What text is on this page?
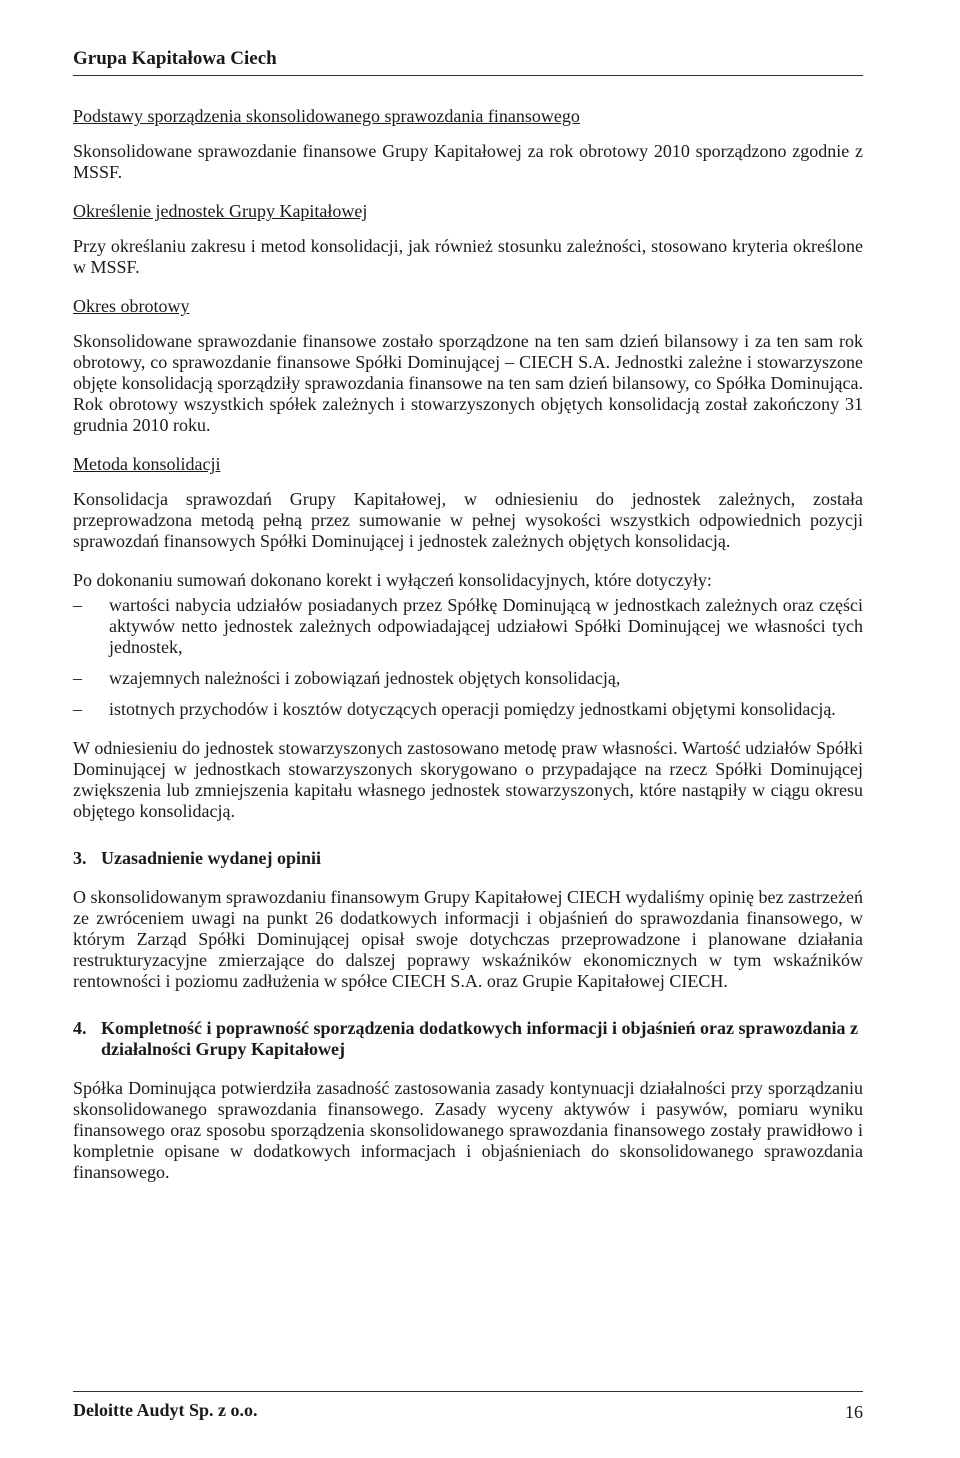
Grupa Kapitałowa Ciech
Podstawy sporządzenia skonsolidowanego sprawozdania finansowego

Skonsolidowane sprawozdanie finansowe Grupy Kapitałowej za rok obrotowy 2010 sporządzono zgodnie z MSSF.

Określenie jednostek Grupy Kapitałowej

Przy określaniu zakresu i metod konsolidacji, jak również stosunku zależności, stosowano kryteria określone w MSSF.

Okres obrotowy

Skonsolidowane sprawozdanie finansowe zostało sporządzone na ten sam dzień bilansowy i za ten sam rok obrotowy, co sprawozdanie finansowe Spółki Dominującej – CIECH S.A. Jednostki zależne i stowarzyszone objęte konsolidacją sporządziły sprawozdania finansowe na ten sam dzień bilansowy, co Spółka Dominująca. Rok obrotowy wszystkich spółek zależnych i stowarzyszonych objętych konsolidacją został zakończony 31 grudnia 2010 roku.

Metoda konsolidacji

Konsolidacja sprawozdań Grupy Kapitałowej, w odniesieniu do jednostek zależnych, została przeprowadzona metodą pełną przez sumowanie w pełnej wysokości wszystkich odpowiednich pozycji sprawozdań finansowych Spółki Dominującej i jednostek zależnych objętych konsolidacją.

Po dokonaniu sumowań dokonano korekt i wyłączeń konsolidacyjnych, które dotyczyły:

–	wartości nabycia udziałów posiadanych przez Spółkę Dominującą w jednostkach zależnych oraz części aktywów netto jednostek zależnych odpowiadającej udziałowi Spółki Dominującej we własności tych jednostek,
–	wzajemnych należności i zobowiązań jednostek objętych konsolidacją,
–	istotnych przychodów i kosztów dotyczących operacji pomiędzy jednostkami objętymi konsolidacją.

W odniesieniu do jednostek stowarzyszonych zastosowano metodę praw własności. Wartość udziałów Spółki Dominującej w jednostkach stowarzyszonych skorygowano o przypadające na rzecz Spółki Dominującej zwiększenia lub zmniejszenia kapitału własnego jednostek stowarzyszonych, które nastąpiły w ciągu okresu objętego konsolidacją.

3. Uzasadnienie wydanej opinii

O skonsolidowanym sprawozdaniu finansowym Grupy Kapitałowej CIECH wydaliśmy opinię bez zastrzeżeń ze zwróceniem uwagi na punkt 26 dodatkowych informacji i objaśnień do sprawozdania finansowego, w którym Zarząd Spółki Dominującej opisał swoje dotychczas przeprowadzone i planowane działania restrukturyzacyjne zmierzające do dalszej poprawy wskaźników ekonomicznych w tym wskaźników rentowności i poziomu zadłużenia w spółce CIECH S.A. oraz Grupie Kapitałowej CIECH.

4. Kompletność i poprawność sporządzenia dodatkowych informacji i objaśnień oraz sprawozdania z działalności Grupy Kapitałowej

Spółka Dominująca potwierdziła zasadność zastosowania zasady kontynuacji działalności przy sporządzaniu skonsolidowanego sprawozdania finansowego. Zasady wyceny aktywów i pasywów, pomiaru wyniku finansowego oraz sposobu sporządzenia skonsolidowanego sprawozdania finansowego zostały prawidłowo i kompletnie opisane w dodatkowych informacjach i objaśnieniach do skonsolidowanego sprawozdania finansowego.

Deloitte Audyt Sp. z o.o.	16
